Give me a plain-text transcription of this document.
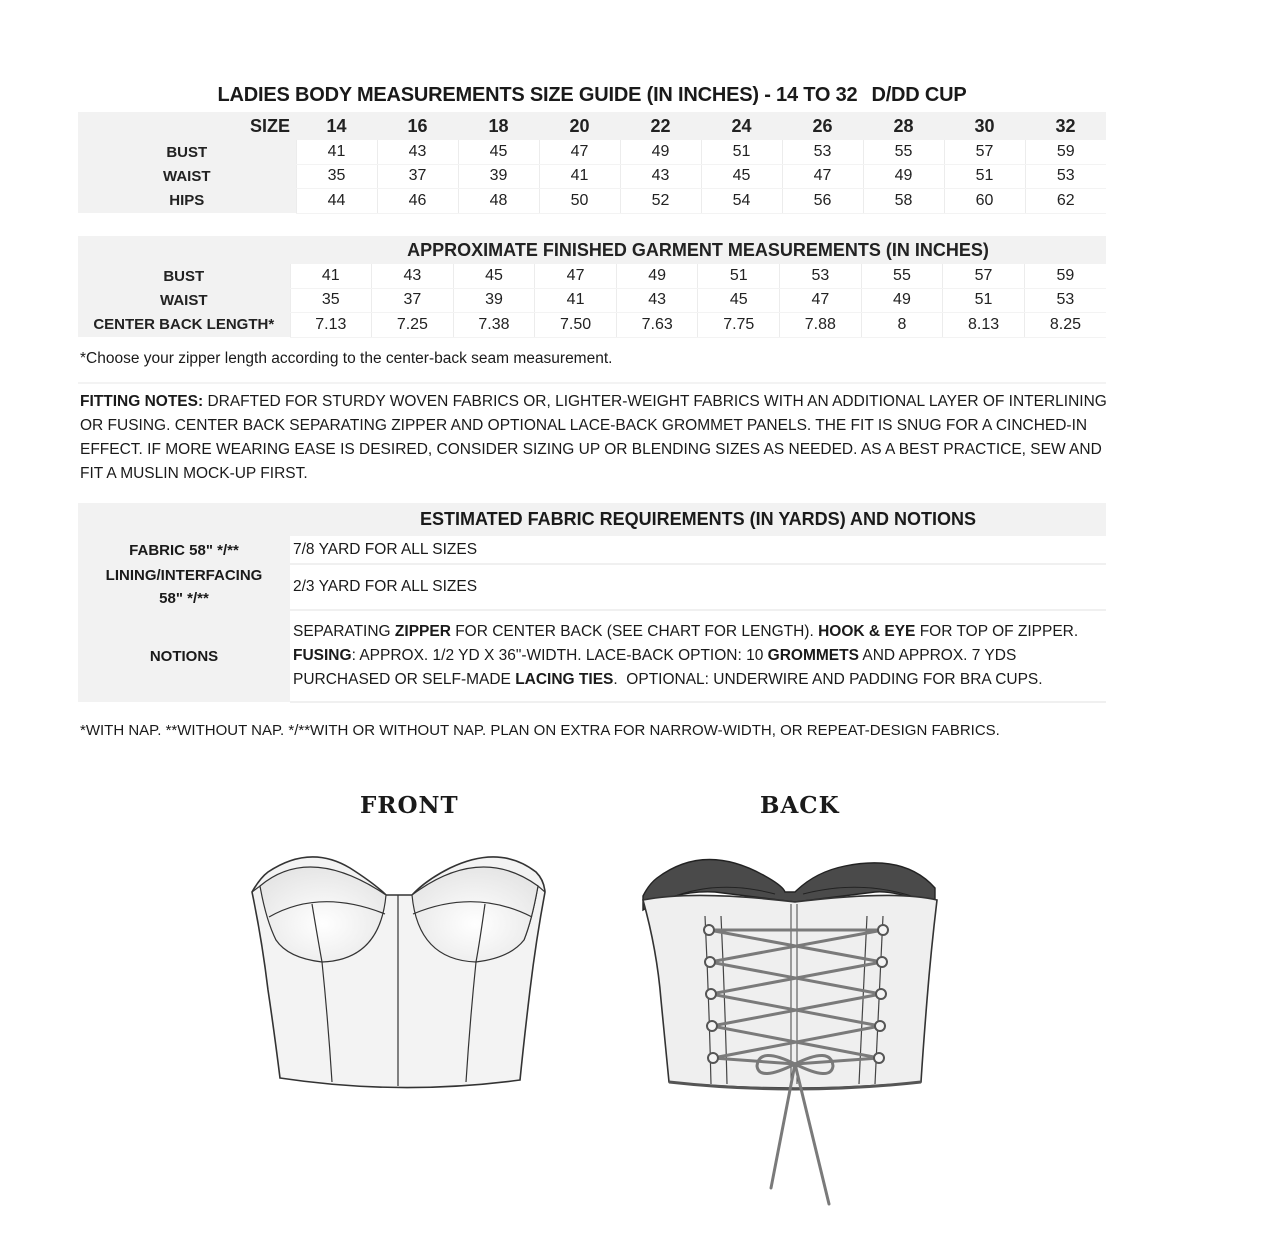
LADIES BODY MEASUREMENTS SIZE GUIDE (IN INCHES) - 14 TO 32 D/DD CUP
SIZE	14	16	18	20	22	24	26	28	30	32
BUST	41	43	45	47	49	51	53	55	57	59
WAIST	35	37	39	41	43	45	47	49	51	53
HIPS	44	46	48	50	52	54	56	58	60	62
	APPROXIMATE FINISHED GARMENT MEASUREMENTS (IN INCHES)									
BUST	41	43	45	47	49	51	53	55	57	59
WAIST	35	37	39	41	43	45	47	49	51	53
CENTER BACK LENGTH*	7.13	7.25	7.38	7.50	7.63	7.75	7.88	8	8.13	8.25
*Choose your zipper length according to the center-back seam measurement.
FITTING NOTES: DRAFTED FOR STURDY WOVEN FABRICS OR, LIGHTER-WEIGHT FABRICS WITH AN ADDITIONAL LAYER OF INTERLINING OR FUSING. CENTER BACK SEPARATING ZIPPER AND OPTIONAL LACE-BACK GROMMET PANELS. THE FIT IS SNUG FOR A CINCHED-IN EFFECT. IF MORE WEARING EASE IS DESIRED, CONSIDER SIZING UP OR BLENDING SIZES AS NEEDED. AS A BEST PRACTICE, SEW AND FIT A MUSLIN MOCK-UP FIRST.
	ESTIMATED FABRIC REQUIREMENTS (IN YARDS) AND NOTIONS
FABRIC 58" */**	7/8 YARD FOR ALL SIZES

LINING/INTERFACING
58" */**	2/3 YARD FOR ALL SIZES
NOTIONS	SEPARATING ZIPPER FOR CENTER BACK (SEE CHART FOR LENGTH). HOOK & EYE FOR TOP OF ZIPPER.
FUSING: APPROX. 1/2 YD X 36"-WIDTH. LACE-BACK OPTION: 10 GROMMETS AND APPROX. 7 YDS
PURCHASED OR SELF-MADE LACING TIES.  OPTIONAL: UNDERWIRE AND PADDING FOR BRA CUPS.
*WITH NAP. **WITHOUT NAP. */**WITH OR WITHOUT NAP. PLAN ON EXTRA FOR NARROW-WIDTH, OR REPEAT-DESIGN FABRICS.
FRONT	BACK
